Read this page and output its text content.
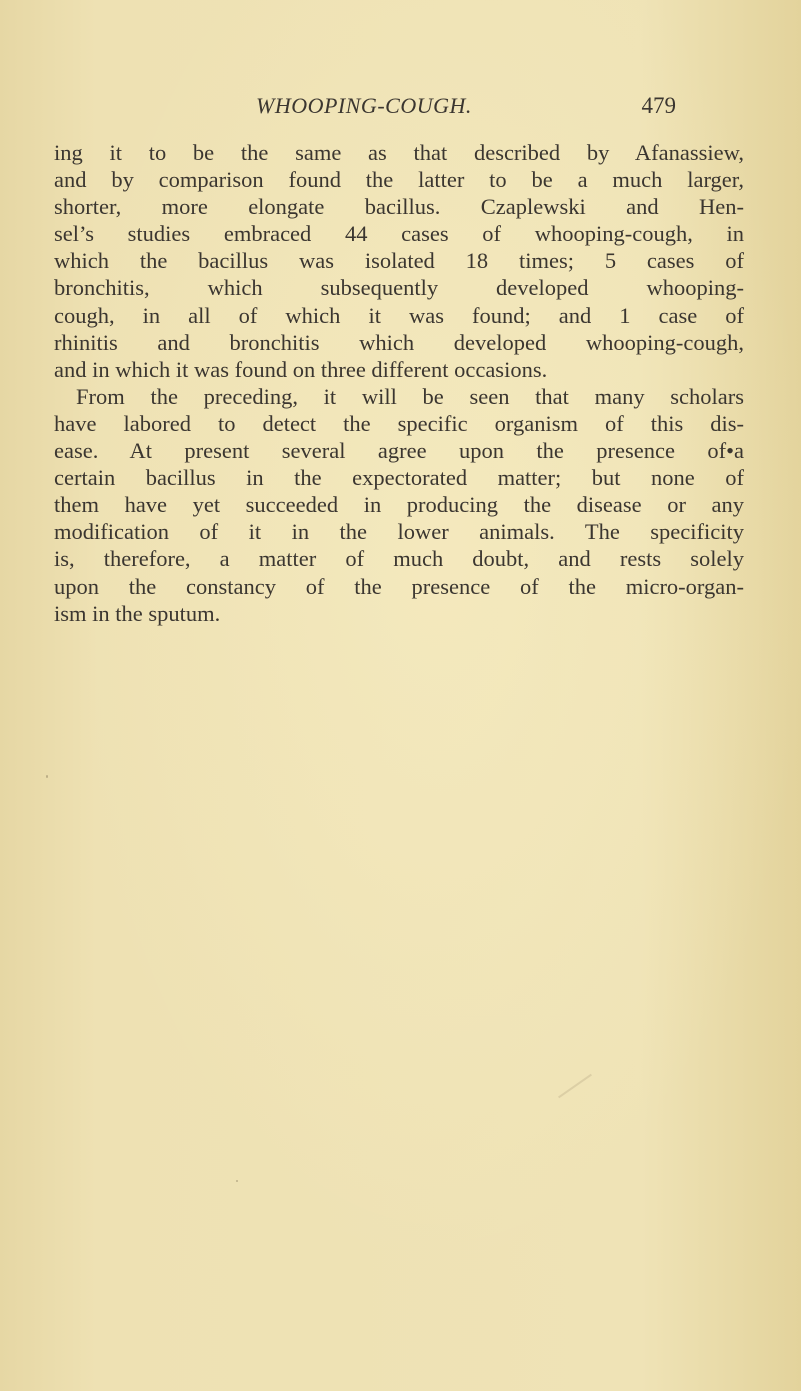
WHOOPING-COUGH.	479
ing it to be the same as that described by Afanassiew,
and by comparison found the latter to be a much larger,
shorter, more elongate bacillus. Czaplewski and Hen-
sel’s studies embraced 44 cases of whooping-cough, in
which the bacillus was isolated 18 times; 5 cases of
bronchitis, which subsequently developed whooping-
cough, in all of which it was found; and 1 case of
rhinitis and bronchitis which developed whooping-cough,
and in which it was found on three different occasions.
From the preceding, it will be seen that many scholars
have labored to detect the specific organism of this dis-
ease. At present several agree upon the presence of•a
certain bacillus in the expectorated matter; but none of
them have yet succeeded in producing the disease or any
modification of it in the lower animals. The specificity
is, therefore, a matter of much doubt, and rests solely
upon the constancy of the presence of the micro-organ-
ism in the sputum.
